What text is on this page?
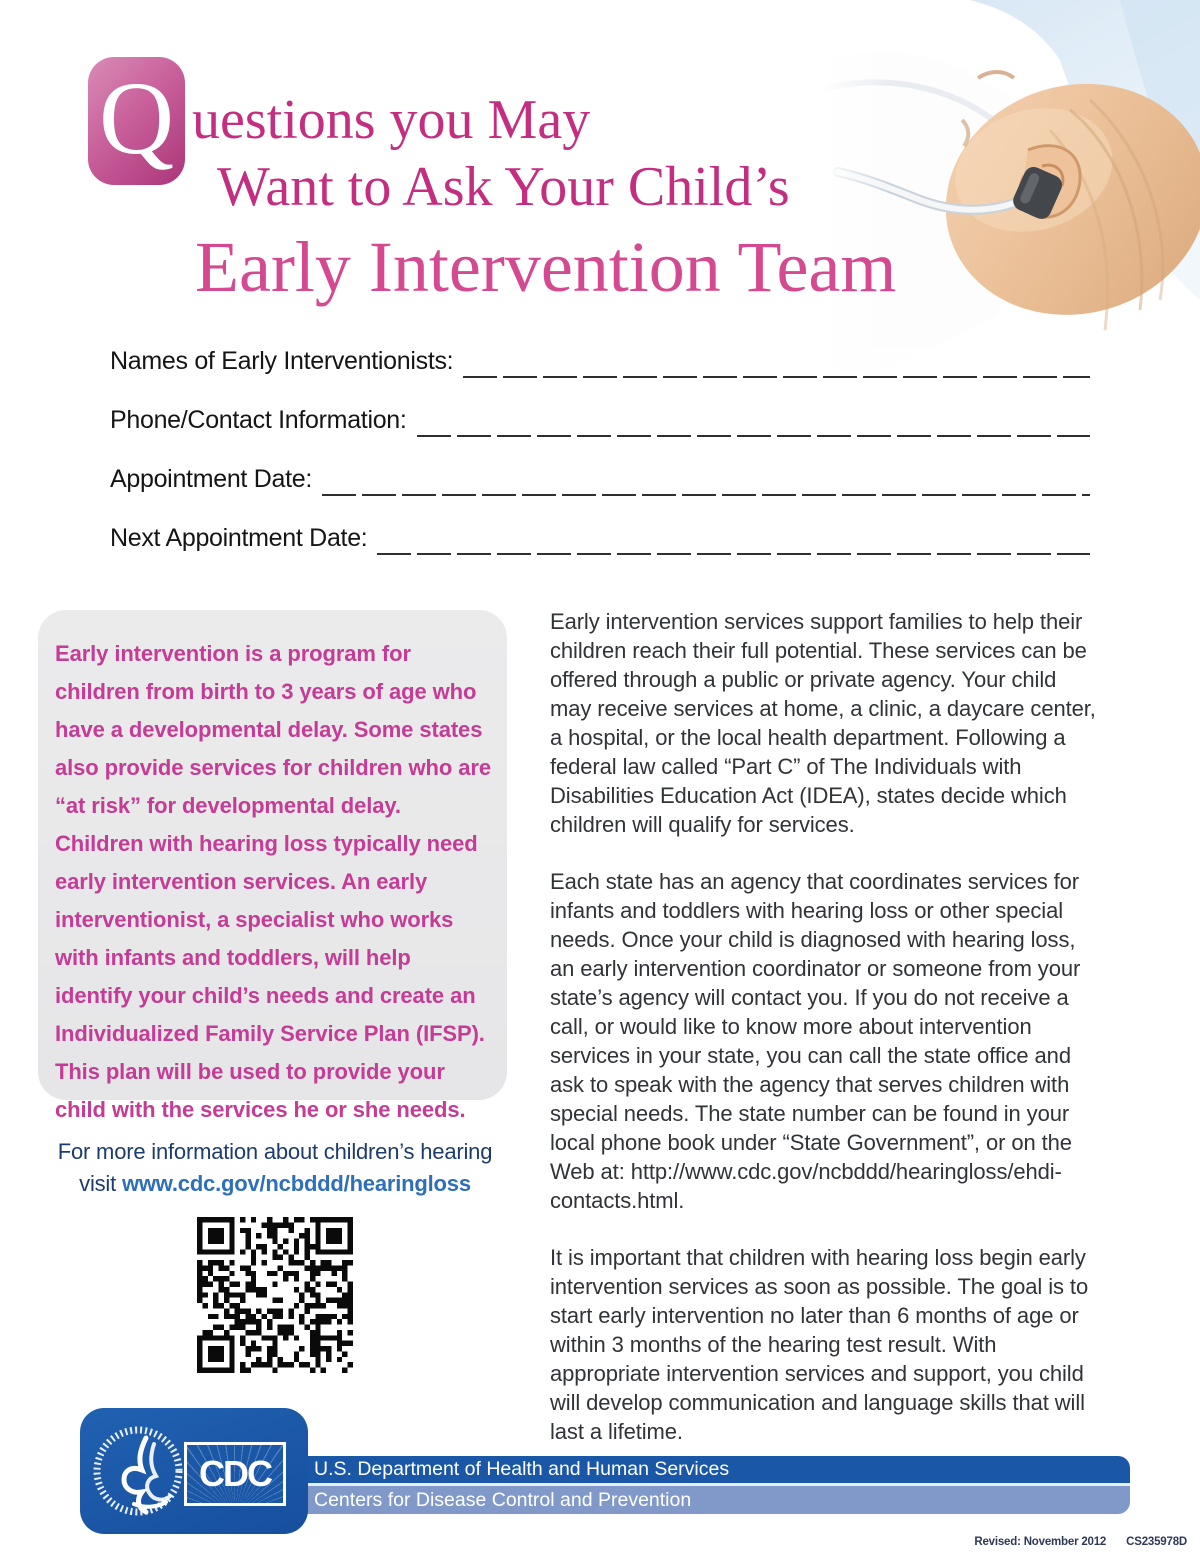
Q uestions you May
Want to Ask Your Child’s
Early Intervention Team
Names of Early Interventionists:
Phone/Contact Information:
Appointment Date:
Next Appointment Date:

Early intervention is a program for children from birth to 3 years of age who have a developmental delay. Some states also provide services for children who are “at risk” for developmental delay. Children with hearing loss typically need early intervention services. An early interventionist, a specialist who works with infants and toddlers, will help identify your child’s needs and create an Individualized Family Service Plan (IFSP). This plan will be used to provide your child with the services he or she needs.

For more information about children’s hearing
visit www.cdc.gov/ncbddd/hearingloss

Early intervention services support families to help their children reach their full potential. These services can be offered through a public or private agency. Your child may receive services at home, a clinic, a daycare center, a hospital, or the local health department. Following a federal law called “Part C” of The Individuals with Disabilities Education Act (IDEA), states decide which children will qualify for services.

Each state has an agency that coordinates services for infants and toddlers with hearing loss or other special needs. Once your child is diagnosed with hearing loss, an early intervention coordinator or someone from your state’s agency will contact you. If you do not receive a call, or would like to know more about intervention services in your state, you can call the state office and ask to speak with the agency that serves children with special needs. The state number can be found in your local phone book under “State Government”, or on the Web at: http://www.cdc.gov/ncbddd/hearingloss/ehdi-contacts.html.

It is important that children with hearing loss begin early intervention services as soon as possible. The goal is to start early intervention no later than 6 months of age or within 3 months of the hearing test result. With appropriate intervention services and support, you child will develop communication and language skills that will last a lifetime.

U.S. Department of Health and Human Services
Centers for Disease Control and Prevention
CDC
Revised: November 2012 CS235978D
